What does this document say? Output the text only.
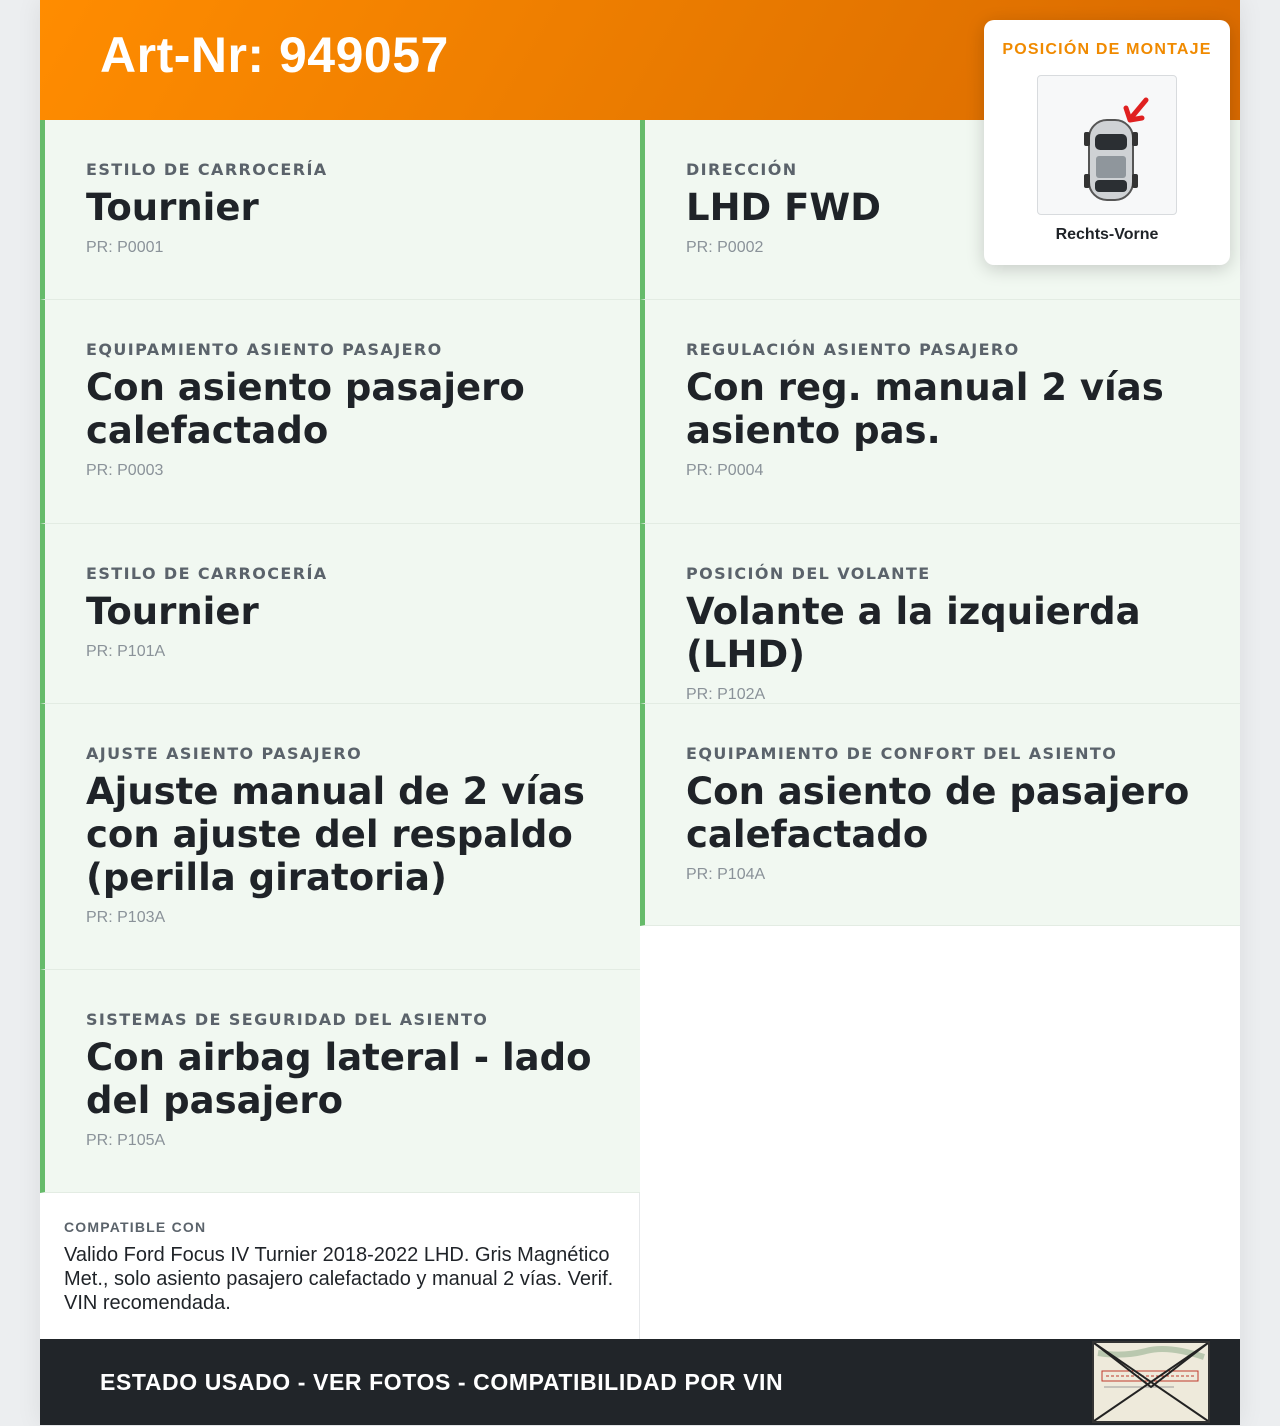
Art-Nr: 949057
ESTILO DE CARROCERÍA
Tournier
PR: P0001
DIRECCIÓN
LHD FWD
PR: P0002
EQUIPAMIENTO ASIENTO PASAJERO
Con asiento pasajero calefactado
PR: P0003
REGULACIÓN ASIENTO PASAJERO
Con reg. manual 2 vías asiento pas.
PR: P0004
ESTILO DE CARROCERÍA
Tournier
PR: P101A
POSICIÓN DEL VOLANTE
Volante a la izquierda (LHD)
PR: P102A
AJUSTE ASIENTO PASAJERO
Ajuste manual de 2 vías con ajuste del respaldo (perilla giratoria)
PR: P103A
EQUIPAMIENTO DE CONFORT DEL ASIENTO
Con asiento de pasajero calefactado
PR: P104A
SISTEMAS DE SEGURIDAD DEL ASIENTO
Con airbag lateral - lado del pasajero
PR: P105A
COMPATIBLE CON
Valido Ford Focus IV Turnier 2018-2022 LHD. Gris Magnético Met., solo asiento pasajero calefactado y manual 2 vías. Verif. VIN recomendada.
ESTADO USADO - VER FOTOS - COMPATIBILIDAD POR VIN
POSICIÓN DE MONTAJE
Rechts-Vorne
